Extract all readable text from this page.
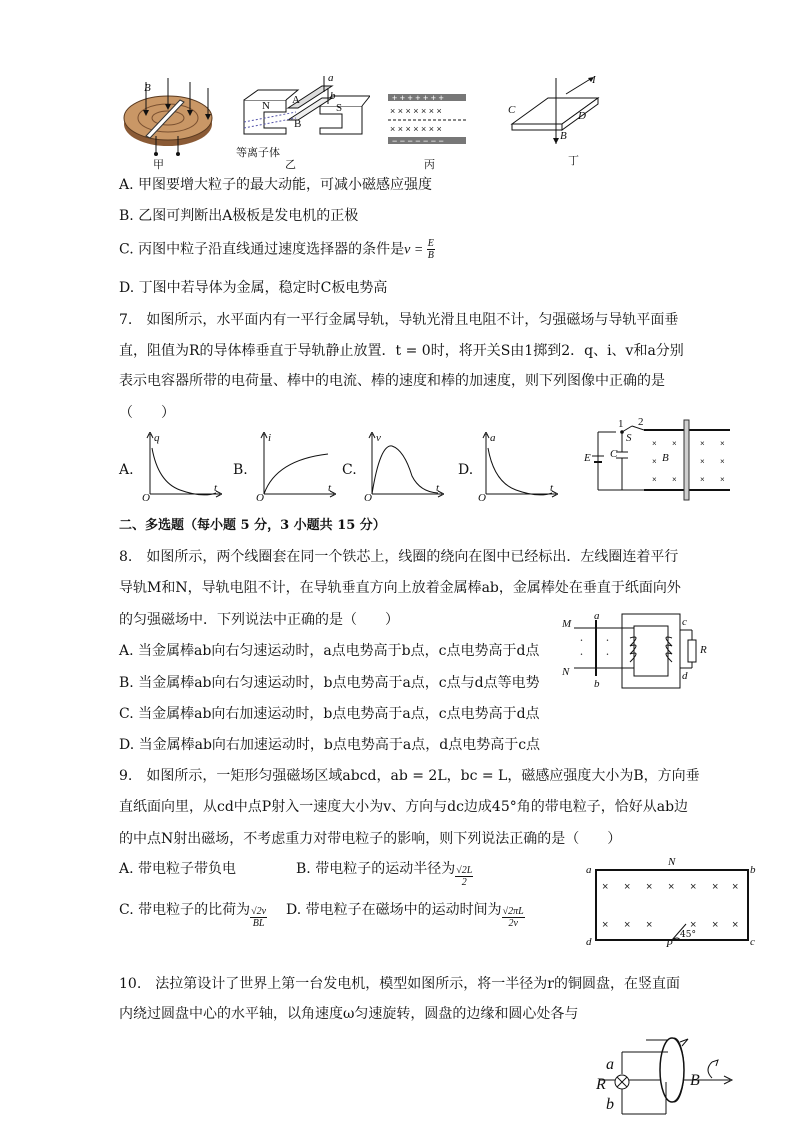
B
甲
N A
B
S
a
b
等离子体
乙
+ + + + + + +
− − − − − − −
× × × × × × ×
× × × × × × ×
丙
I
C	D
B
丁
A. 甲图要增大粒子的最大动能，可减小磁感应强度
B. 乙图可判断出A极板是发电机的正极
C. 丙图中粒子沿直线通过速度选择器的条件是$v = \frac{E}{B}$
D. 丁图中若导体为金属，稳定时C板电势高
7.　如图所示，水平面内有一平行金属导轨，导轨光滑且电阻不计，匀强磁场与导轨平面垂
直，阻值为R的导体棒垂直于导轨静止放置．t = 0时，将开关S由1掷到2．q、i、v和a分别
表示电容器所带的电荷量、棒中的电流、棒的速度和棒的加速度，则下列图像中正确的是
（　　）
A.
q
t
O
B.
i
t
O
C.
v
t
O
D.
a
t
O
× ×	× ×
×	× ×
× ×	× ×
1 2
S
E C	B
二、多选题（每小题 5 分，3 小题共 15 分）
8.　如图所示，两个线圈套在同一个铁芯上，线圈的绕向在图中已经标出．左线圈连着平行
导轨M和N，导轨电阻不计，在导轨垂直方向上放着金属棒ab，金属棒处在垂直于纸面向外
的匀强磁场中．下列说法中正确的是（　　）
A. 当金属棒ab向右匀速运动时，a点电势高于b点，c点电势高于d点
B. 当金属棒ab向右匀速运动时，b点电势高于a点，c点与d点等电势
C. 当金属棒ab向右加速运动时，b点电势高于a点，c点电势高于d点
D. 当金属棒ab向右加速运动时，b点电势高于a点，d点电势高于c点
•	•
•	•
M
N
a
b
c
d
R
9.　如图所示，一矩形匀强磁场区域abcd，ab = 2L，bc = L，磁感应强度大小为B，方向垂
直纸面向里，从cd中点P射入一速度大小为v、方向与dc边成45°角的带电粒子，恰好从ab边
的中点N射出磁场，不考虑重力对带电粒子的影响，则下列说法正确的是（　　）
A. 带电粒子带负电	B. 带电粒子的运动半径为 $\frac{√2L}{2}$
C. 带电粒子的比荷为 $\frac{√2v}{BL} D$. 带电粒子在磁场中的运动时间为 $\frac{√2\pi L}{2v}$
× × × × × × ×
× × ×	× × ×
a	b
N
d	c
P
45°
10.　法拉第设计了世界上第一台发电机，模型如图所示，将一半径为r的铜圆盘，在竖直面
内绕过圆盘中心的水平轴，以角速度ω匀速旋转，圆盘的边缘和圆心处各与
a
R
b
B
